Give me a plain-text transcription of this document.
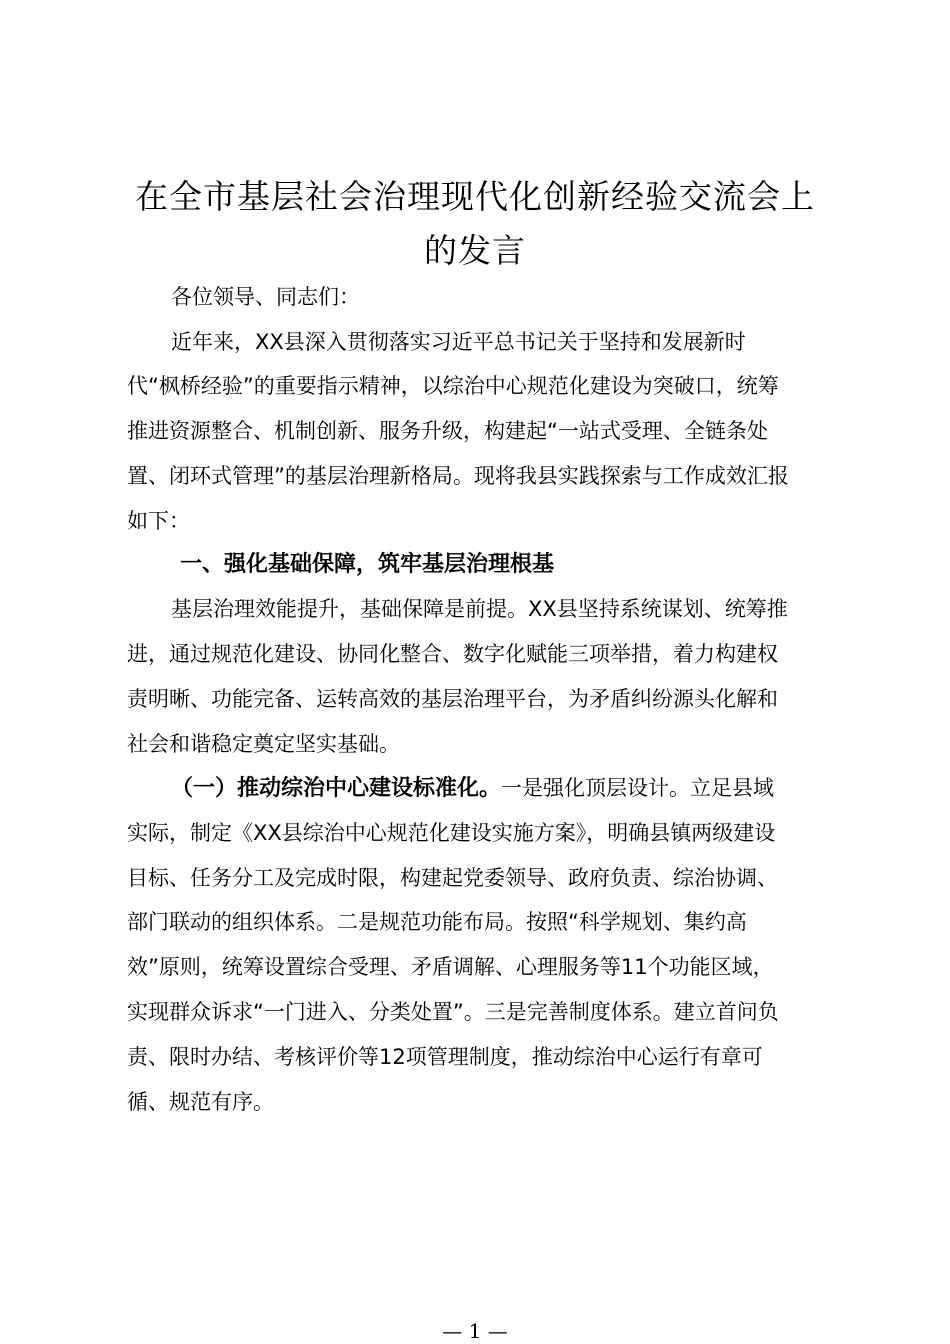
在全市基层社会治理现代化创新经验交流会上
的发言
各位领导、同志们：
近年来，XX县深入贯彻落实习近平总书记关于坚持和发展新时
代“枫桥经验”的重要指示精神，以综治中心规范化建设为突破口，统筹
推进资源整合、机制创新、服务升级，构建起“一站式受理、全链条处
置、闭环式管理”的基层治理新格局。现将我县实践探索与工作成效汇报
如下：
一、强化基础保障，筑牢基层治理根基
基层治理效能提升，基础保障是前提。XX县坚持系统谋划、统筹推
进，通过规范化建设、协同化整合、数字化赋能三项举措，着力构建权
责明晰、功能完备、运转高效的基层治理平台，为矛盾纠纷源头化解和
社会和谐稳定奠定坚实基础。
（一）推动综治中心建设标准化。一是强化顶层设计。立足县域
实际，制定《XX县综治中心规范化建设实施方案》，明确县镇两级建设
目标、任务分工及完成时限，构建起党委领导、政府负责、综治协调、
部门联动的组织体系。二是规范功能布局。按照“科学规划、集约高
效”原则，统筹设置综合受理、矛盾调解、心理服务等11个功能区域，
实现群众诉求“一门进入、分类处置”。三是完善制度体系。建立首问负
责、限时办结、考核评价等12项管理制度，推动综治中心运行有章可
循、规范有序。
— 1 —
